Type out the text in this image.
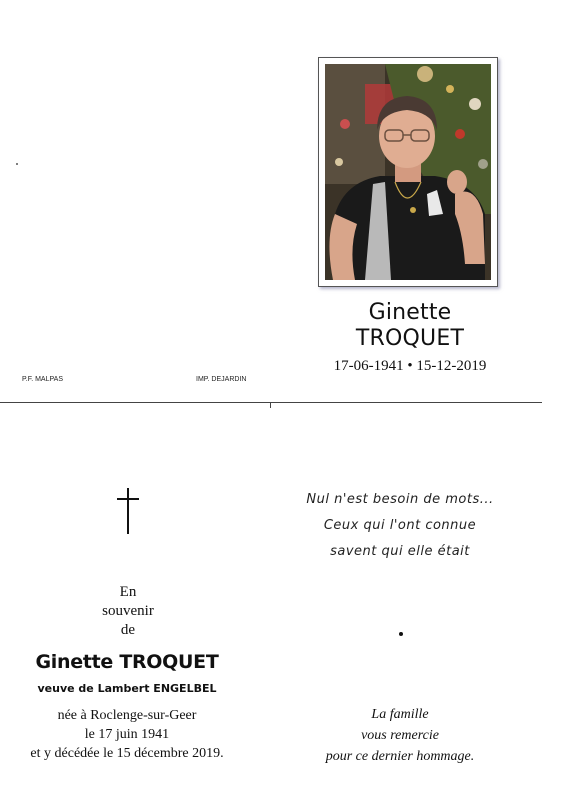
Ginette
TROQUET
17-06-1941 • 15-12-2019
P.F. MALPAS	IMP. DEJARDIN
En
souvenir
de
Ginette TROQUET
veuve de Lambert ENGELBEL
née à Roclenge-sur-Geer
le 17 juin 1941
et y décédée le 15 décembre 2019.
Nul n'est besoin de mots...
Ceux qui l'ont connue
savent qui elle était
La famille
vous remercie
pour ce dernier hommage.
